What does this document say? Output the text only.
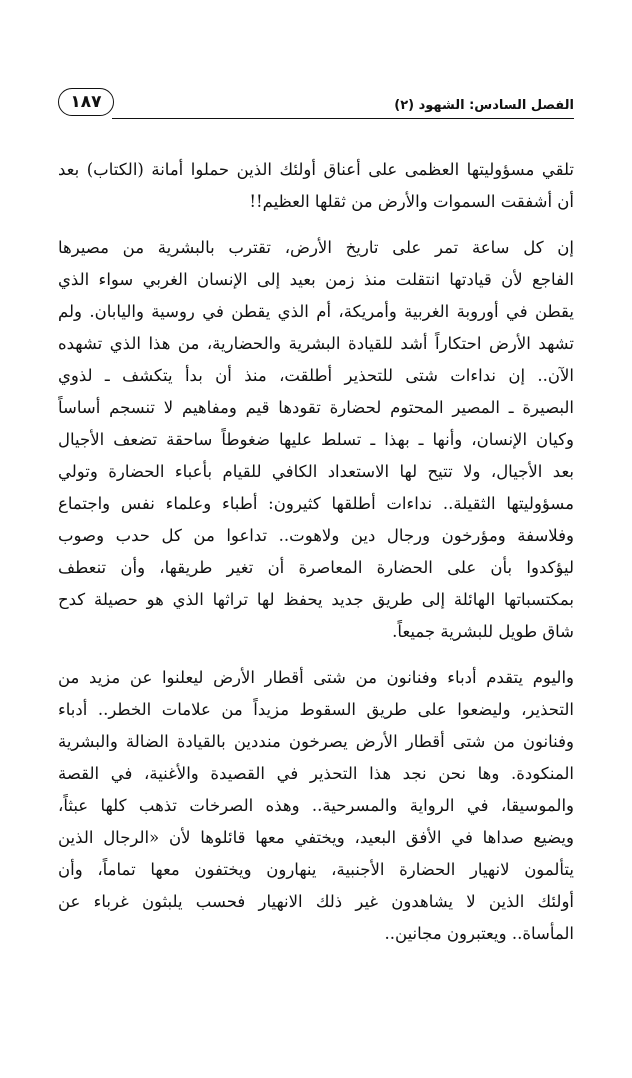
الفصل السادس: الشهود (٢)
١٨٧
تلقي مسؤوليتها العظمى على أعناق أولئك الذين حملوا أمانة (الكتاب) بعد
أن أشفقت السموات والأرض من ثقلها العظيم!!
إن كل ساعة تمر على تاريخ الأرض، تقترب بالبشرية من مصيرها
الفاجع لأن قيادتها انتقلت منذ زمن بعيد إلى الإنسان الغربي سواء الذي
يقطن في أوروبة الغربية وأمريكة، أم الذي يقطن في روسية واليابان. ولم
تشهد الأرض احتكاراً أشد للقيادة البشرية والحضارية، من هذا الذي تشهده
الآن.. إن نداءات شتى للتحذير أطلقت، منذ أن بدأ يتكشف ـ لذوي
البصيرة ـ المصير المحتوم لحضارة تقودها قيم ومفاهيم لا تنسجم أساساً
وكيان الإنسان، وأنها ـ بهذا ـ تسلط عليها ضغوطاً ساحقة تضعف الأجيال
بعد الأجيال، ولا تتيح لها الاستعداد الكافي للقيام بأعباء الحضارة وتولي
مسؤوليتها الثقيلة.. نداءات أطلقها كثيرون: أطباء وعلماء نفس واجتماع
وفلاسفة ومؤرخون ورجال دين ولاهوت.. تداعوا من كل حدب وصوب
ليؤكدوا بأن على الحضارة المعاصرة أن تغير طريقها، وأن تنعطف
بمكتسباتها الهائلة إلى طريق جديد يحفظ لها تراثها الذي هو حصيلة كدح
شاق طويل للبشرية جميعاً.
واليوم يتقدم أدباء وفنانون من شتى أقطار الأرض ليعلنوا عن مزيد من
التحذير، وليضعوا على طريق السقوط مزيداً من علامات الخطر.. أدباء
وفنانون من شتى أقطار الأرض يصرخون منددين بالقيادة الضالة والبشرية
المنكودة. وها نحن نجد هذا التحذير في القصيدة والأغنية، في القصة
والموسيقا، في الرواية والمسرحية.. وهذه الصرخات تذهب كلها عبثاً،
ويضيع صداها في الأفق البعيد، ويختفي معها قائلوها لأن «الرجال الذين
يتألمون لانهيار الحضارة الأجنبية، ينهارون ويختفون معها تماماً، وأن
أولئك الذين لا يشاهدون غير ذلك الانهيار فحسب يلبثون غرباء عن
المأساة.. ويعتبرون مجانين..
